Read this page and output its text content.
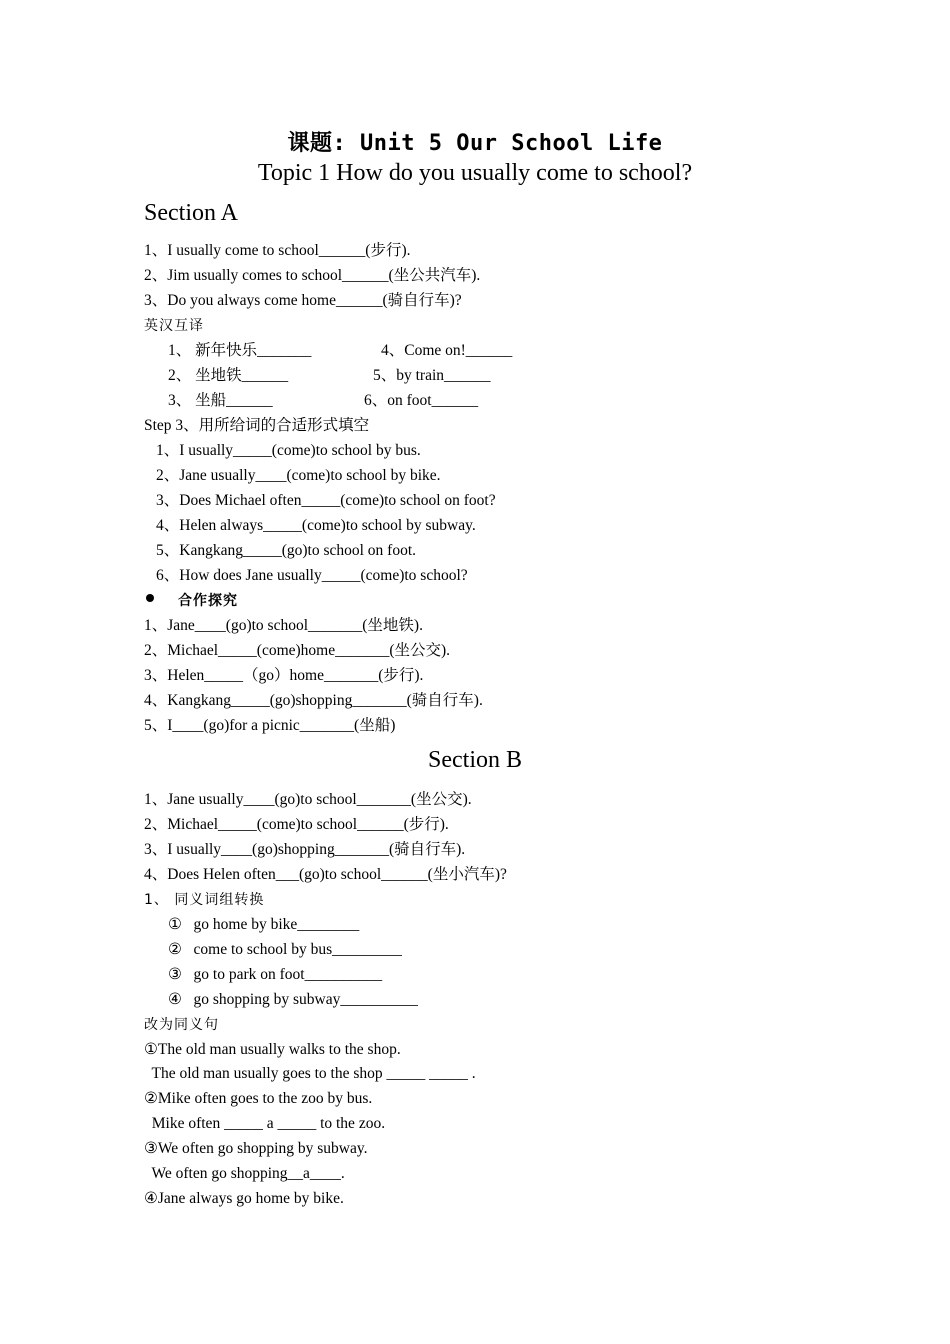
课题: Unit 5 Our School Life
Topic 1 How do you usually come to school?
Section A
1、I usually come to school______(步行).
2、Jim usually comes to school______(坐公共汽车).
3、Do you always come home______(骑自行车)?
英汉互译
1、 新年快乐_______	4、Come on!______
2、 坐地铁______	5、by train______
3、 坐船______	6、on foot______
Step 3、用所给词的合适形式填空
1、I usually_____(come)to school by bus.
2、Jane usually____(come)to school by bike.
3、Does Michael often_____(come)to school on foot?
4、Helen always_____(come)to school by subway.
5、Kangkang_____(go)to school on foot.
6、How does Jane usually_____(come)to school?
合作探究
1、Jane____(go)to school_______(坐地铁).
2、Michael_____(come)home_______(坐公交).
3、Helen_____（go）home_______(步行).
4、Kangkang_____(go)shopping_______(骑自行车).
5、I____(go)for a picnic_______(坐船)
Section B
1、Jane usually____(go)to school_______(坐公交).
2、Michael_____(come)to school______(步行).
3、I usually____(go)shopping_______(骑自行车).
4、Does Helen often___(go)to school______(坐小汽车)?
1、 同义词组转换
①   go home by bike________
②   come to school by bus_________
③   go to park on foot__________
④   go shopping by subway__________
改为同义句
①The old man usually walks to the shop.
The old man usually goes to the shop _____ _____ .
②Mike often goes to the zoo by bus.
Mike often _____ a _____ to the zoo.
③We often go shopping by subway.
We often go shopping__a____.
④Jane always go home by bike.
